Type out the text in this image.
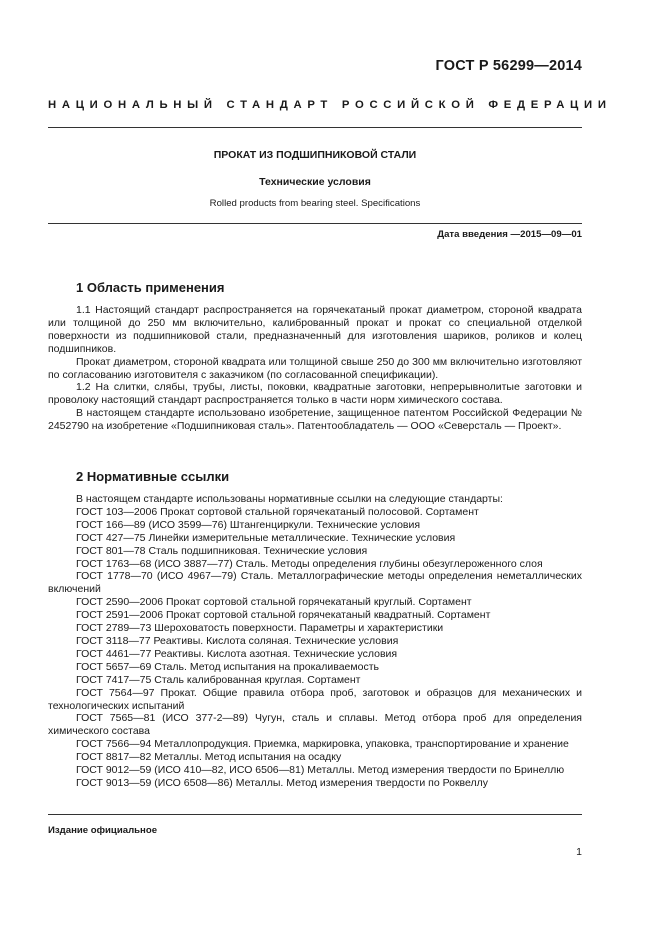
ГОСТ Р 56299—2014
НАЦИОНАЛЬНЫЙ СТАНДАРТ РОССИЙСКОЙ ФЕДЕРАЦИИ
ПРОКАТ ИЗ ПОДШИПНИКОВОЙ СТАЛИ
Технические условия
Rolled products from bearing steel. Specifications
Дата введения —2015—09—01
1 Область применения

1.1 Настоящий стандарт распространяется на горячекатаный прокат диаметром, стороной квадрата или толщиной до 250 мм включительно, калиброванный прокат и прокат со специальной отделкой поверхности из подшипниковой стали, предназначенный для изготовления шариков, роликов и колец подшипников.

Прокат диаметром, стороной квадрата или толщиной свыше 250 до 300 мм включительно изготовляют по согласованию изготовителя с заказчиком (по согласованной спецификации).

1.2 На слитки, слябы, трубы, листы, поковки, квадратные заготовки, непрерывнолитые заготовки и проволоку настоящий стандарт распространяется только в части норм химического состава.

В настоящем стандарте использовано изобретение, защищенное патентом Российской Федерации № 2452790 на изобретение «Подшипниковая сталь». Патентообладатель — ООО «Северсталь — Проект».

2 Нормативные ссылки

В настоящем стандарте использованы нормативные ссылки на следующие стандарты:

ГОСТ 103—2006 Прокат сортовой стальной горячекатаный полосовой. Сортамент

ГОСТ 166—89 (ИСО 3599—76) Штангенциркули. Технические условия

ГОСТ 427—75 Линейки измерительные металлические. Технические условия

ГОСТ 801—78 Сталь подшипниковая. Технические условия

ГОСТ 1763—68 (ИСО 3887—77) Сталь. Методы определения глубины обезуглероженного слоя

ГОСТ 1778—70 (ИСО 4967—79) Сталь. Металлографические методы определения неметаллических включений

ГОСТ 2590—2006 Прокат сортовой стальной горячекатаный круглый. Сортамент

ГОСТ 2591—2006 Прокат сортовой стальной горячекатаный квадратный. Сортамент

ГОСТ 2789—73 Шероховатость поверхности. Параметры и характеристики

ГОСТ 3118—77 Реактивы. Кислота соляная. Технические условия

ГОСТ 4461—77 Реактивы. Кислота азотная. Технические условия

ГОСТ 5657—69 Сталь. Метод испытания на прокаливаемость

ГОСТ 7417—75 Сталь калиброванная круглая. Сортамент

ГОСТ 7564—97 Прокат. Общие правила отбора проб, заготовок и образцов для механических и технологических испытаний

ГОСТ 7565—81 (ИСО 377-2—89) Чугун, сталь и сплавы. Метод отбора проб для определения химического состава

ГОСТ 7566—94 Металлопродукция. Приемка, маркировка, упаковка, транспортирование и хранение

ГОСТ 8817—82 Металлы. Метод испытания на осадку

ГОСТ 9012—59 (ИСО 410—82, ИСО 6506—81) Металлы. Метод измерения твердости по Бринеллю

ГОСТ 9013—59 (ИСО 6508—86) Металлы. Метод измерения твердости по Роквеллу

Издание официальное
1
